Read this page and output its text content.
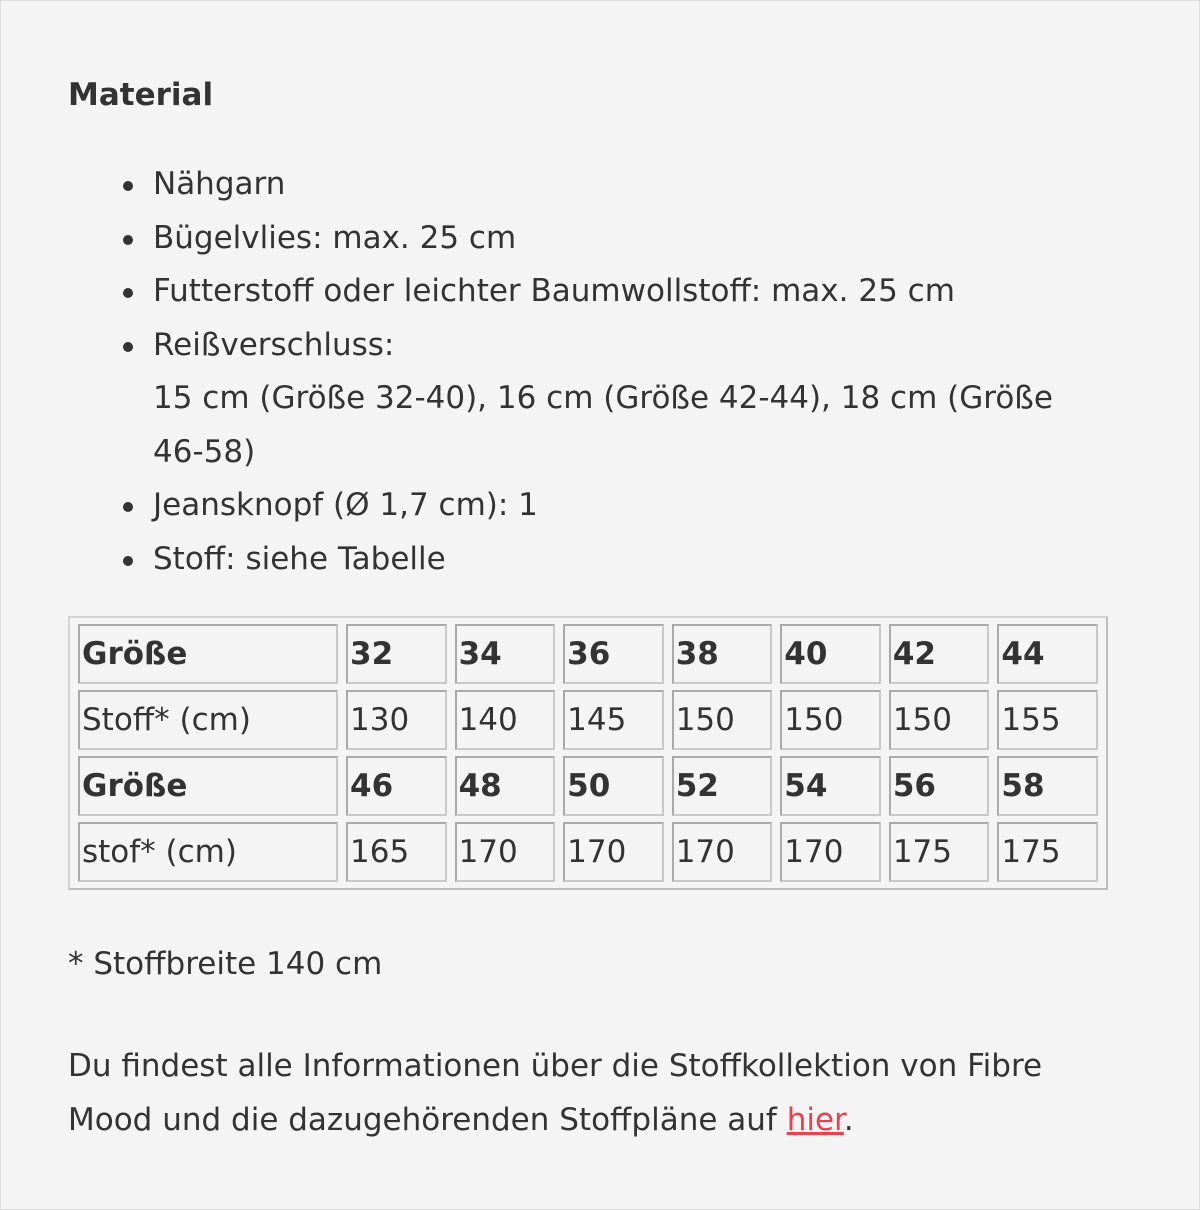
Material
Nähgarn
Bügelvlies: max. 25 cm
Futterstoff oder leichter Baumwollstoff: max. 25 cm
Reißverschluss:
15 cm (Größe 32-40), 16 cm (Größe 42-44), 18 cm (Größe
46-58)
Jeansknopf (Ø 1,7 cm): 1
Stoff: siehe Tabelle
Größe	32	34	36	38	40	42	44
Stoff* (cm)	130	140	145	150	150	150	155
Größe	46	48	50	52	54	56	58
stof* (cm)	165	170	170	170	170	175	175
* Stoffbreite 140 cm
Du findest alle Informationen über die Stoffkollektion von Fibre Mood und die dazugehörenden Stoffpläne auf hier.
